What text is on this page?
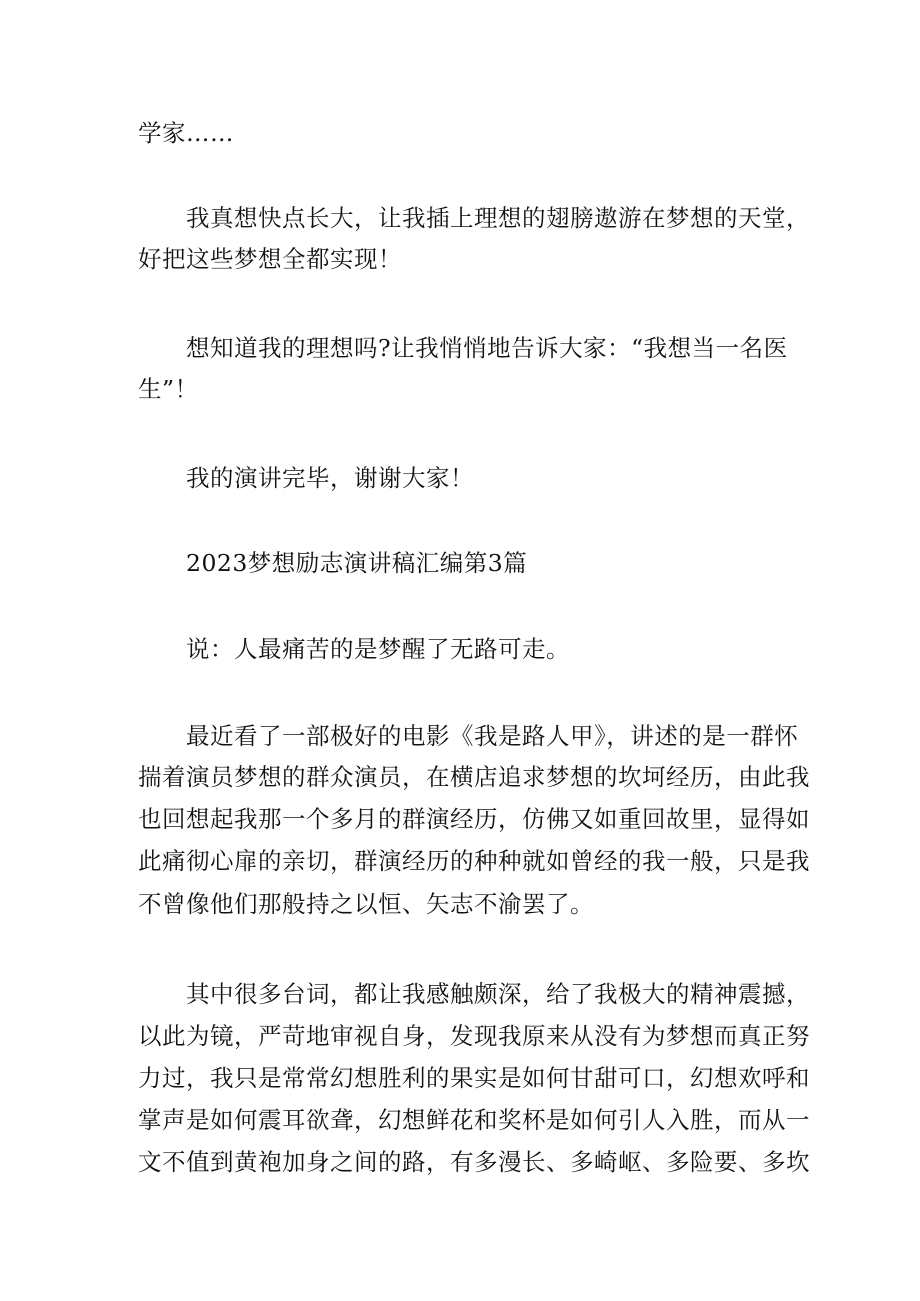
学家……
我真想快点长大，让我插上理想的翅膀遨游在梦想的天堂，
好把这些梦想全都实现！
想知道我的理想吗?让我悄悄地告诉大家：“我想当一名医
生”！
我的演讲完毕，谢谢大家！
2023梦想励志演讲稿汇编第3篇
说：人最痛苦的是梦醒了无路可走。
最近看了一部极好的电影《我是路人甲》，讲述的是一群怀
揣着演员梦想的群众演员，在横店追求梦想的坎坷经历，由此我
也回想起我那一个多月的群演经历，仿佛又如重回故里，显得如
此痛彻心扉的亲切，群演经历的种种就如曾经的我一般，只是我
不曾像他们那般持之以恒、矢志不渝罢了。
其中很多台词，都让我感触颇深，给了我极大的精神震撼，
以此为镜，严苛地审视自身，发现我原来从没有为梦想而真正努
力过，我只是常常幻想胜利的果实是如何甘甜可口，幻想欢呼和
掌声是如何震耳欲聋，幻想鲜花和奖杯是如何引人入胜，而从一
文不值到黄袍加身之间的路，有多漫长、多崎岖、多险要、多坎
